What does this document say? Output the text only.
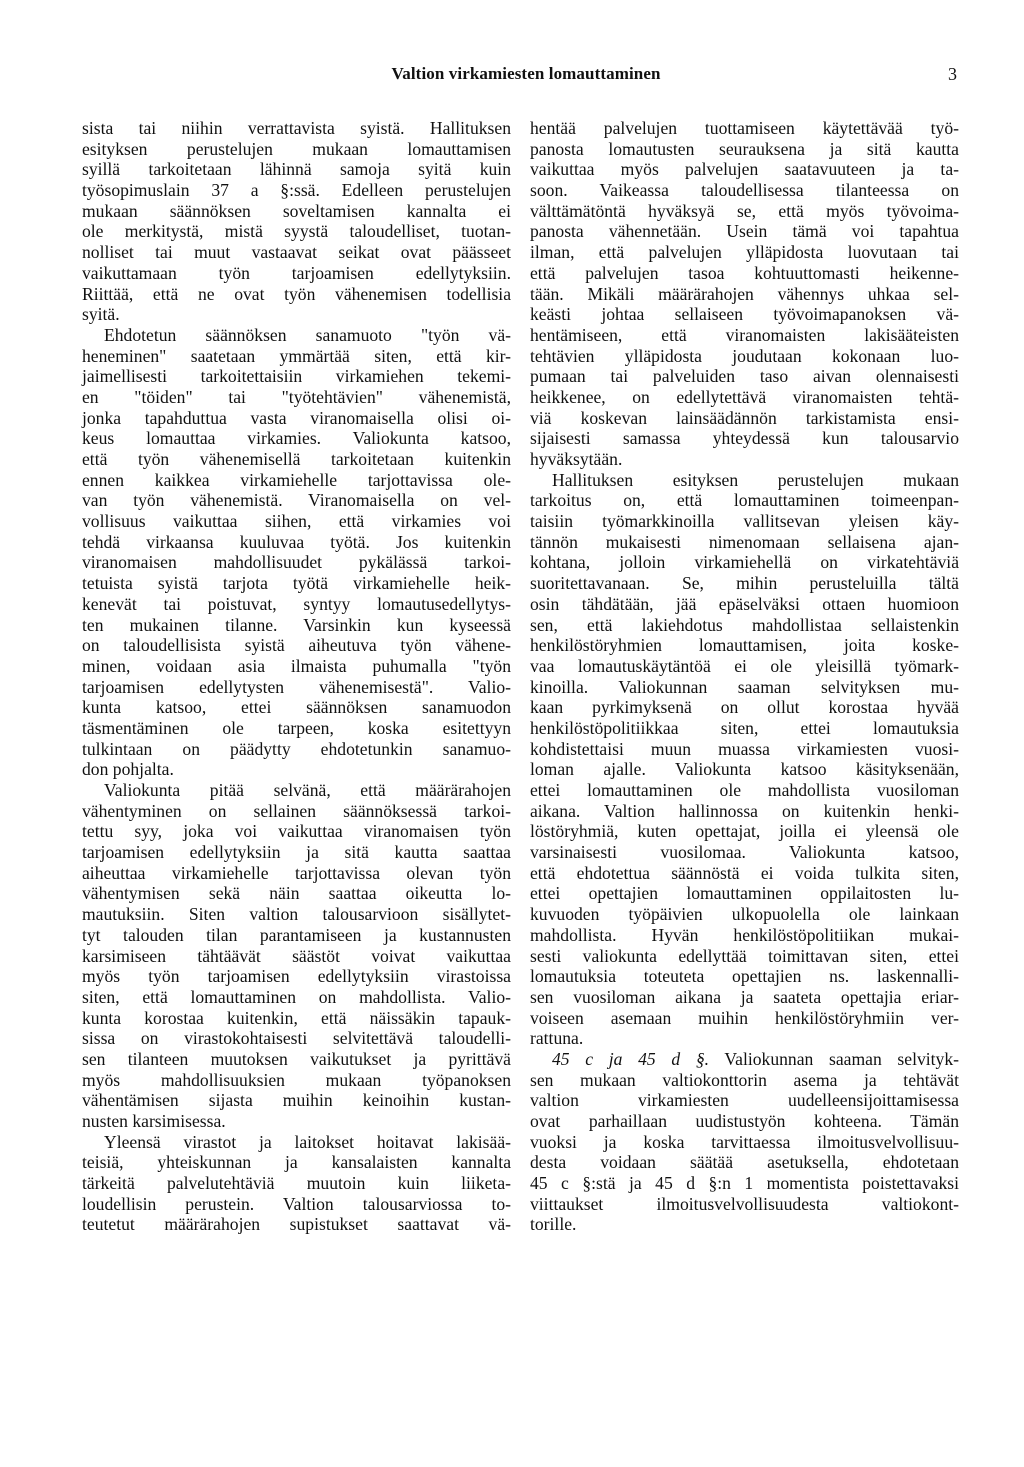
Valtion virkamiesten lomauttaminen	3
sista tai niihin verrattavista syistä. Hallituksen
esityksen perustelujen mukaan lomauttamisen
syillä tarkoitetaan lähinnä samoja syitä kuin
työsopimuslain 37 a §:ssä. Edelleen perustelujen
mukaan säännöksen soveltamisen kannalta ei
ole merkitystä, mistä syystä taloudelliset, tuotan-
nolliset tai muut vastaavat seikat ovat päässeet
vaikuttamaan työn tarjoamisen edellytyksiin.
Riittää, että ne ovat työn vähenemisen todellisia
syitä.
Ehdotetun säännöksen sanamuoto "työn vä-
heneminen" saatetaan ymmärtää siten, että kir-
jaimellisesti tarkoitettaisiin virkamiehen tekemi-
en "töiden" tai "työtehtävien" vähenemistä,
jonka tapahduttua vasta viranomaisella olisi oi-
keus lomauttaa virkamies. Valiokunta katsoo,
että työn vähenemisellä tarkoitetaan kuitenkin
ennen kaikkea virkamiehelle tarjottavissa ole-
van työn vähenemistä. Viranomaisella on vel-
vollisuus vaikuttaa siihen, että virkamies voi
tehdä virkaansa kuuluvaa työtä. Jos kuitenkin
viranomaisen mahdollisuudet pykälässä tarkoi-
tetuista syistä tarjota työtä virkamiehelle heik-
kenevät tai poistuvat, syntyy lomautusedellytys-
ten mukainen tilanne. Varsinkin kun kyseessä
on taloudellisista syistä aiheutuva työn vähene-
minen, voidaan asia ilmaista puhumalla "työn
tarjoamisen edellytysten vähenemisestä". Valio-
kunta katsoo, ettei säännöksen sanamuodon
täsmentäminen ole tarpeen, koska esitettyyn
tulkintaan on päädytty ehdotetunkin sanamuo-
don pohjalta.
Valiokunta pitää selvänä, että määrärahojen
vähentyminen on sellainen säännöksessä tarkoi-
tettu syy, joka voi vaikuttaa viranomaisen työn
tarjoamisen edellytyksiin ja sitä kautta saattaa
aiheuttaa virkamiehelle tarjottavissa olevan työn
vähentymisen sekä näin saattaa oikeutta lo-
mautuksiin. Siten valtion talousarvioon sisällytet-
tyt talouden tilan parantamiseen ja kustannusten
karsimiseen tähtäävät säästöt voivat vaikuttaa
myös työn tarjoamisen edellytyksiin virastoissa
siten, että lomauttaminen on mahdollista. Valio-
kunta korostaa kuitenkin, että näissäkin tapauk-
sissa on virastokohtaisesti selvitettävä taloudelli-
sen tilanteen muutoksen vaikutukset ja pyrittävä
myös mahdollisuuksien mukaan työpanoksen
vähentämisen sijasta muihin keinoihin kustan-
nusten karsimisessa.
Yleensä virastot ja laitokset hoitavat lakisää-
teisiä, yhteiskunnan ja kansalaisten kannalta
tärkeitä palvelutehtäviä muutoin kuin liiketa-
loudellisin perustein. Valtion talousarviossa to-
teutetut määrärahojen supistukset saattavat vä-
hentää palvelujen tuottamiseen käytettävää työ-
panosta lomautusten seurauksena ja sitä kautta
vaikuttaa myös palvelujen saatavuuteen ja ta-
soon. Vaikeassa taloudellisessa tilanteessa on
välttämätöntä hyväksyä se, että myös työvoima-
panosta vähennetään. Usein tämä voi tapahtua
ilman, että palvelujen ylläpidosta luovutaan tai
että palvelujen tasoa kohtuuttomasti heikenne-
tään. Mikäli määrärahojen vähennys uhkaa sel-
keästi johtaa sellaiseen työvoimapanoksen vä-
hentämiseen, että viranomaisten lakisääteisten
tehtävien ylläpidosta joudutaan kokonaan luo-
pumaan tai palveluiden taso aivan olennaisesti
heikkenee, on edellytettävä viranomaisten tehtä-
viä koskevan lainsäädännön tarkistamista ensi-
sijaisesti samassa yhteydessä kun talousarvio
hyväksytään.
Hallituksen esityksen perustelujen mukaan
tarkoitus on, että lomauttaminen toimeenpan-
taisiin työmarkkinoilla vallitsevan yleisen käy-
tännön mukaisesti nimenomaan sellaisena ajan-
kohtana, jolloin virkamiehellä on virkatehtäviä
suoritettavanaan. Se, mihin perusteluilla tältä
osin tähdätään, jää epäselväksi ottaen huomioon
sen, että lakiehdotus mahdollistaa sellaistenkin
henkilöstöryhmien lomauttamisen, joita koske-
vaa lomautuskäytäntöä ei ole yleisillä työmark-
kinoilla. Valiokunnan saaman selvityksen mu-
kaan pyrkimyksenä on ollut korostaa hyvää
henkilöstöpolitiikkaa siten, ettei lomautuksia
kohdistettaisi muun muassa virkamiesten vuosi-
loman ajalle. Valiokunta katsoo käsityksenään,
ettei lomauttaminen ole mahdollista vuosiloman
aikana. Valtion hallinnossa on kuitenkin henki-
löstöryhmiä, kuten opettajat, joilla ei yleensä ole
varsinaisesti vuosilomaa. Valiokunta katsoo,
että ehdotettua säännöstä ei voida tulkita siten,
ettei opettajien lomauttaminen oppilaitosten lu-
kuvuoden työpäivien ulkopuolella ole lainkaan
mahdollista. Hyvän henkilöstöpolitiikan mukai-
sesti valiokunta edellyttää toimittavan siten, ettei
lomautuksia toteuteta opettajien ns. laskennalli-
sen vuosiloman aikana ja saateta opettajia eriar-
voiseen asemaan muihin henkilöstöryhmiin ver-
rattuna.
45 c ja 45 d §. Valiokunnan saaman selvityk-
sen mukaan valtiokonttorin asema ja tehtävät
valtion virkamiesten uudelleensijoittamisessa
ovat parhaillaan uudistustyön kohteena. Tämän
vuoksi ja koska tarvittaessa ilmoitusvelvollisuu-
desta voidaan säätää asetuksella, ehdotetaan
45 c §:stä ja 45 d §:n 1 momentista poistettavaksi
viittaukset ilmoitusvelvollisuudesta valtiokont-
torille.
